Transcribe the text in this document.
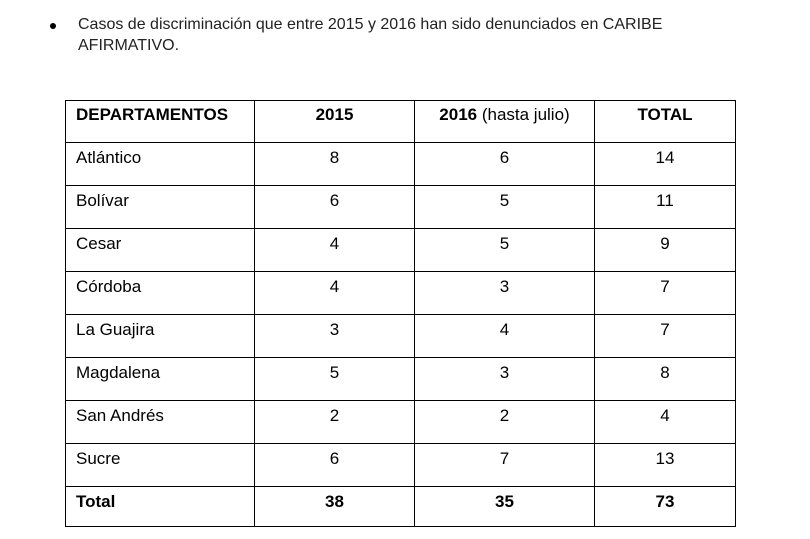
Casos de discriminación que entre 2015 y 2016 han sido denunciados en CARIBE AFIRMATIVO.
DEPARTAMENTOS	2015	2016 (hasta julio)	TOTAL
Atlántico	8	6	14
Bolívar	6	5	11
Cesar	4	5	9
Córdoba	4	3	7
La Guajira	3	4	7
Magdalena	5	3	8
San Andrés	2	2	4
Sucre	6	7	13
Total	38	35	73
